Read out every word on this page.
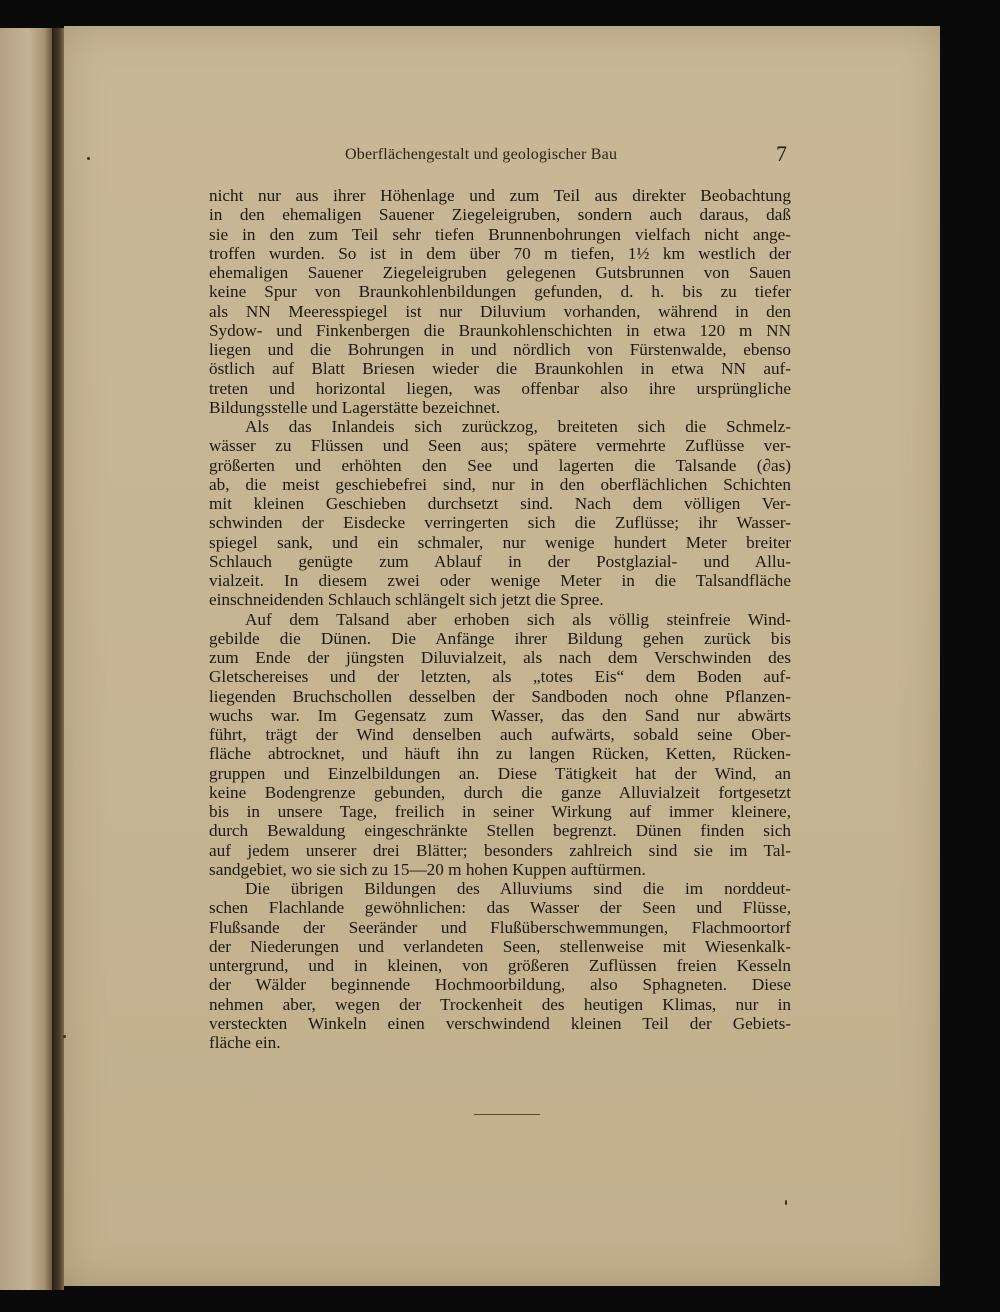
Oberflächengestalt und geologischer Bau	7
nicht nur aus ihrer Höhenlage und zum Teil aus direkter Beobachtung
in den ehemaligen Sauener Ziegeleigruben, sondern auch daraus, daß
sie in den zum Teil sehr tiefen Brunnenbohrungen vielfach nicht ange-
troffen wurden. So ist in dem über 70 m tiefen, 1½ km westlich der
ehemaligen Sauener Ziegeleigruben gelegenen Gutsbrunnen von Sauen
keine Spur von Braunkohlenbildungen gefunden, d. h. bis zu tiefer
als NN Meeresspiegel ist nur Diluvium vorhanden, während in den
Sydow- und Finkenbergen die Braunkohlenschichten in etwa 120 m NN
liegen und die Bohrungen in und nördlich von Fürstenwalde, ebenso
östlich auf Blatt Briesen wieder die Braunkohlen in etwa NN auf-
treten und horizontal liegen, was offenbar also ihre ursprüngliche
Bildungsstelle und Lagerstätte bezeichnet.
Als das Inlandeis sich zurückzog, breiteten sich die Schmelz-
wässer zu Flüssen und Seen aus; spätere vermehrte Zuflüsse ver-
größerten und erhöhten den See und lagerten die Talsande (∂as)
ab, die meist geschiebefrei sind, nur in den oberflächlichen Schichten
mit kleinen Geschieben durchsetzt sind. Nach dem völligen Ver-
schwinden der Eisdecke verringerten sich die Zuflüsse; ihr Wasser-
spiegel sank, und ein schmaler, nur wenige hundert Meter breiter
Schlauch genügte zum Ablauf in der Postglazial- und Allu-
vialzeit. In diesem zwei oder wenige Meter in die Talsandfläche
einschneidenden Schlauch schlängelt sich jetzt die Spree.
Auf dem Talsand aber erhoben sich als völlig steinfreie Wind-
gebilde die Dünen. Die Anfänge ihrer Bildung gehen zurück bis
zum Ende der jüngsten Diluvialzeit, als nach dem Verschwinden des
Gletschereises und der letzten, als „totes Eis“ dem Boden auf-
liegenden Bruchschollen desselben der Sandboden noch ohne Pflanzen-
wuchs war. Im Gegensatz zum Wasser, das den Sand nur abwärts
führt, trägt der Wind denselben auch aufwärts, sobald seine Ober-
fläche abtrocknet, und häuft ihn zu langen Rücken, Ketten, Rücken-
gruppen und Einzelbildungen an. Diese Tätigkeit hat der Wind, an
keine Bodengrenze gebunden, durch die ganze Alluvialzeit fortgesetzt
bis in unsere Tage, freilich in seiner Wirkung auf immer kleinere,
durch Bewaldung eingeschränkte Stellen begrenzt. Dünen finden sich
auf jedem unserer drei Blätter; besonders zahlreich sind sie im Tal-
sandgebiet, wo sie sich zu 15—20 m hohen Kuppen auftürmen.
Die übrigen Bildungen des Alluviums sind die im norddeut-
schen Flachlande gewöhnlichen: das Wasser der Seen und Flüsse,
Flußsande der Seeränder und Flußüberschwemmungen, Flachmoortorf
der Niederungen und verlandeten Seen, stellenweise mit Wiesenkalk-
untergrund, und in kleinen, von größeren Zuflüssen freien Kesseln
der Wälder beginnende Hochmoorbildung, also Sphagneten. Diese
nehmen aber, wegen der Trockenheit des heutigen Klimas, nur in
versteckten Winkeln einen verschwindend kleinen Teil der Gebiets-
fläche ein.
